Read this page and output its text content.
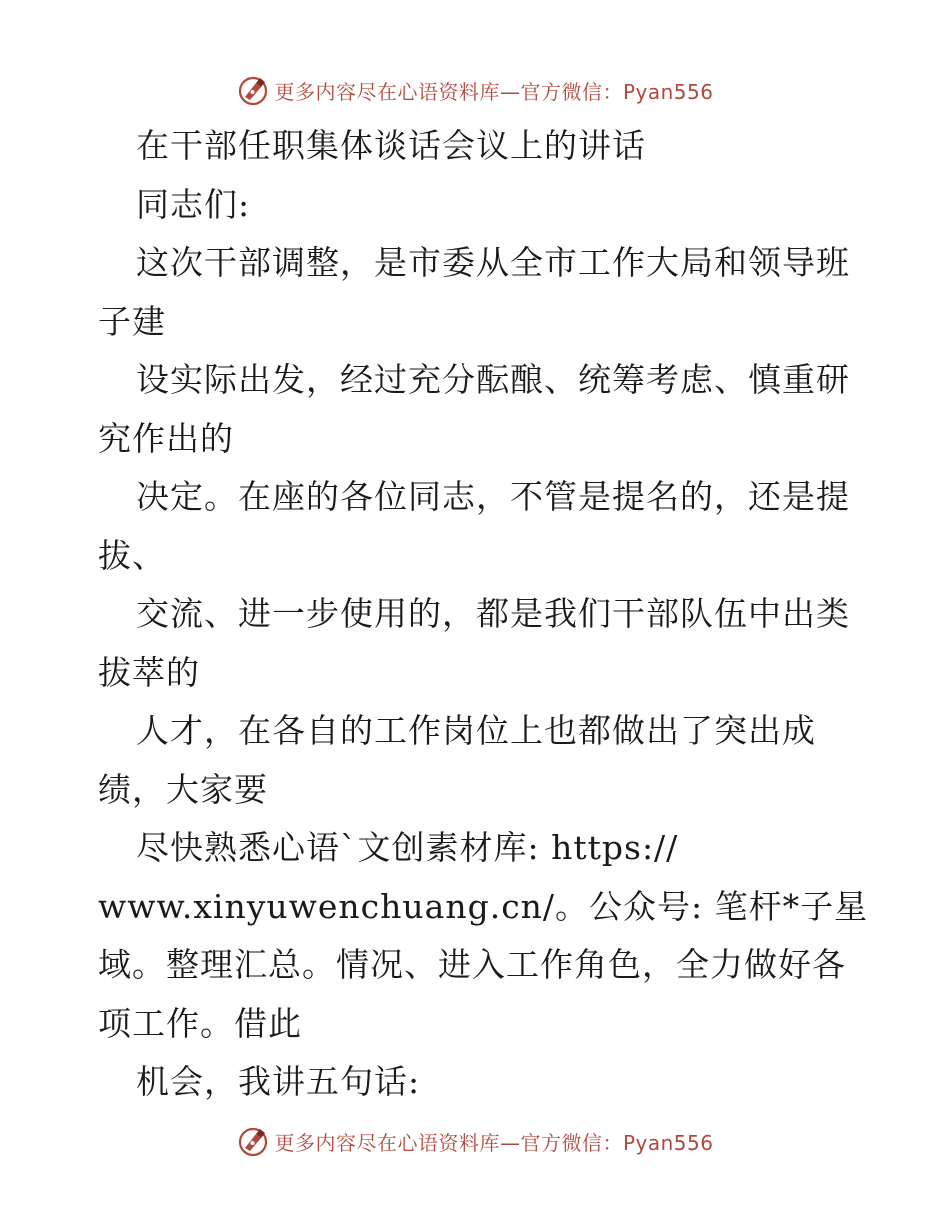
更多内容尽在心语资料库—官方微信：Pyan556
在干部任职集体谈话会议上的讲话
同志们:
这次干部调整，是市委从全市工作大局和领导班
子建
设实际出发，经过充分酝酿、统筹考虑、慎重研
究作出的
决定。在座的各位同志，不管是提名的，还是提
拔、
交流、进一步使用的，都是我们干部队伍中出类
拔萃的
人才，在各自的工作岗位上也都做出了突出成
绩，大家要
尽快熟悉心语`文创素材库: https://
www.xinyuwenchuang.cn/。公众号: 笔杆*子星
域。整理汇总。情况、进入工作角色，全力做好各
项工作。借此
机会，我讲五句话:
更多内容尽在心语资料库—官方微信：Pyan556
